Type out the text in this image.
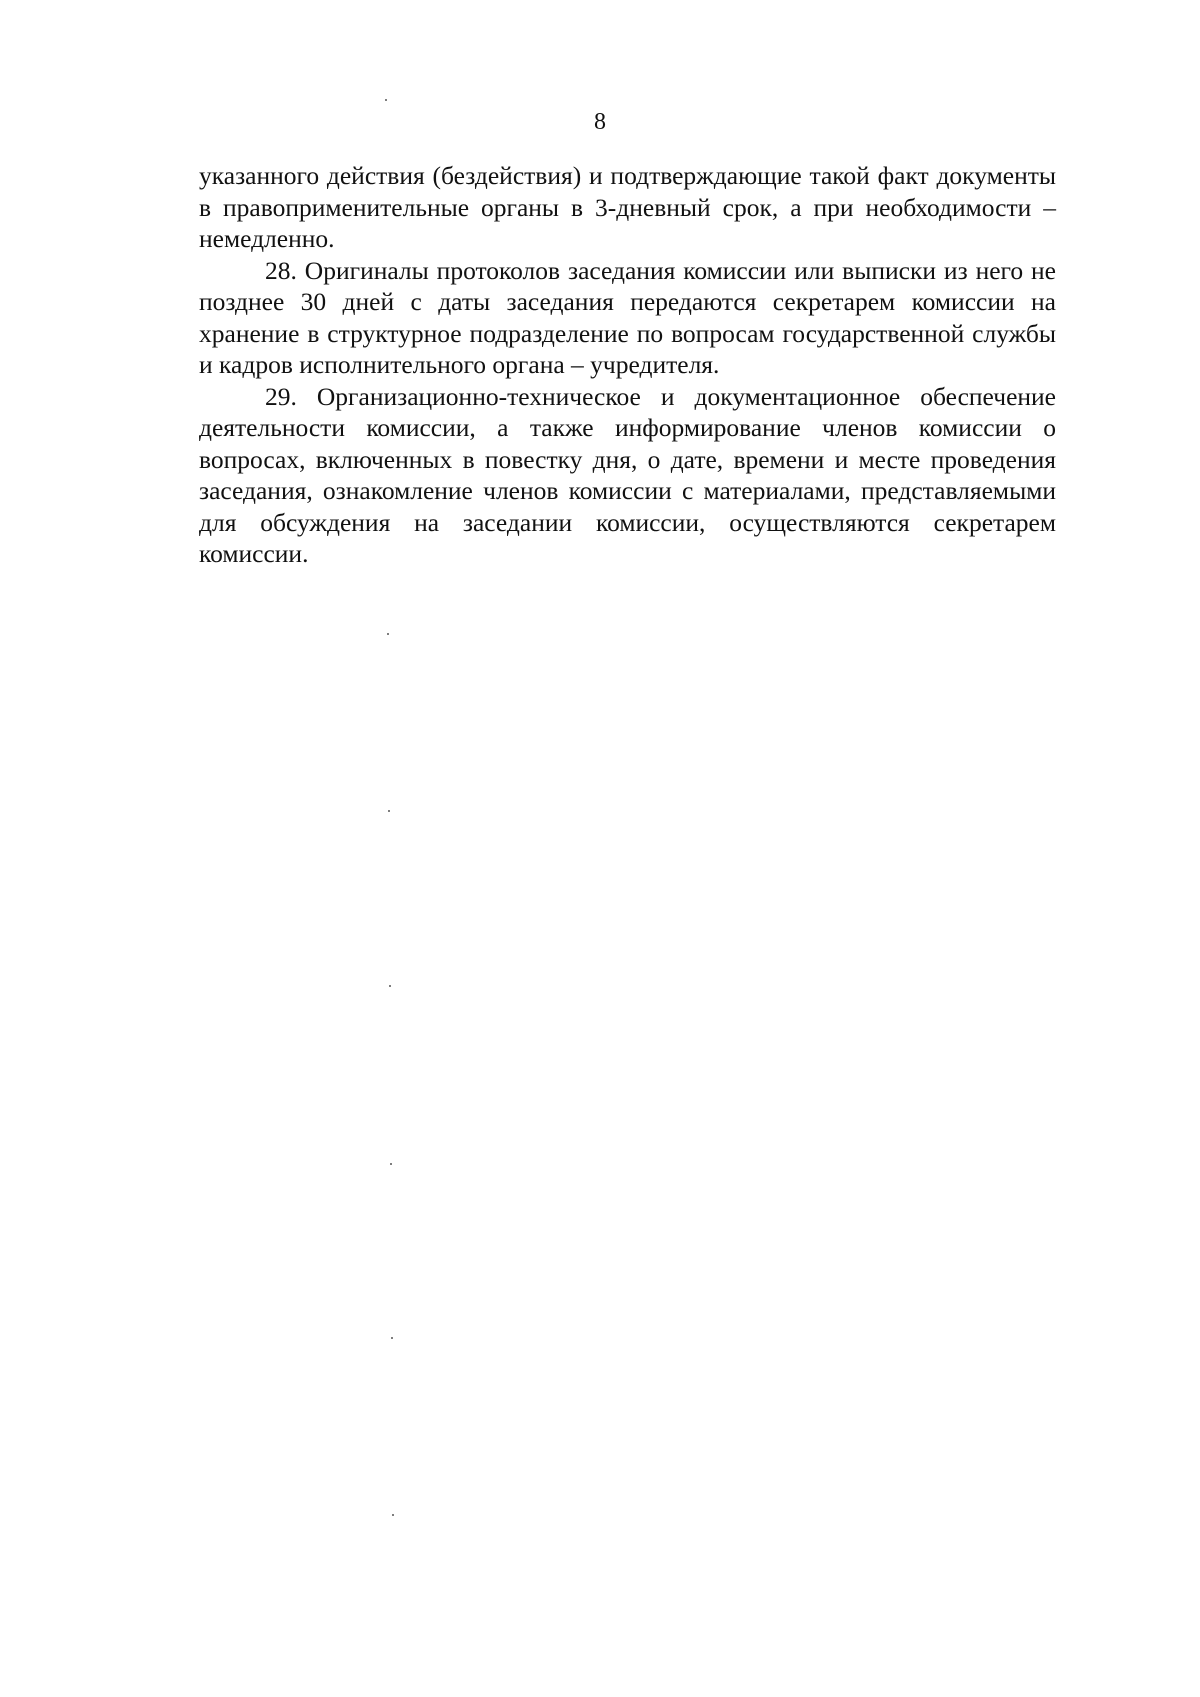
8

указанного действия (бездействия) и подтверждающие такой факт документы в правоприменительные органы в 3-дневный срок, а при необходимости – немедленно.

28. Оригиналы протоколов заседания комиссии или выписки из него не позднее 30 дней с даты заседания передаются секретарем комиссии на хранение в структурное подразделение по вопросам государственной службы и кадров исполнительного органа – учредителя.

29. Организационно-техническое и документационное обеспечение деятельности комиссии, а также информирование членов комиссии о вопросах, включенных в повестку дня, о дате, времени и месте проведения заседания, ознакомление членов комиссии с материалами, представляемыми для обсуждения на заседании комиссии, осуществляются секретарем комиссии.
